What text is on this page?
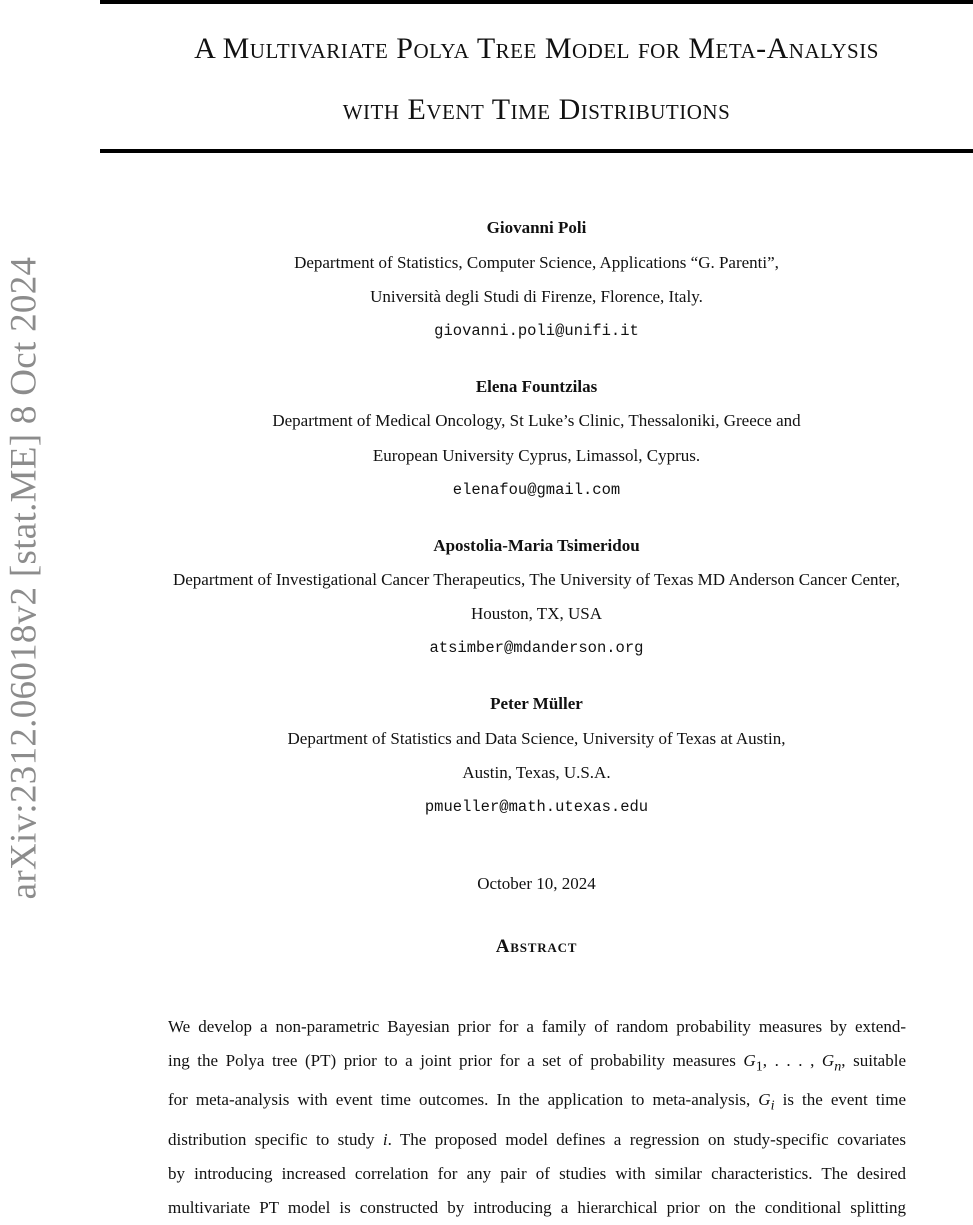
A Multivariate Polya Tree Model for Meta-Analysis
with Event Time Distributions
arXiv:2312.06018v2 [stat.ME] 8 Oct 2024
Giovanni Poli
Department of Statistics, Computer Science, Applications “G. Parenti”,
Università degli Studi di Firenze, Florence, Italy.
giovanni.poli@unifi.it
Elena Fountzilas
Department of Medical Oncology, St Luke’s Clinic, Thessaloniki, Greece and
European University Cyprus, Limassol, Cyprus.
elenafou@gmail.com
Apostolia-Maria Tsimeridou
Department of Investigational Cancer Therapeutics, The University of Texas MD Anderson Cancer Center,
Houston, TX, USA
atsimber@mdanderson.org
Peter Müller
Department of Statistics and Data Science, University of Texas at Austin,
Austin, Texas, U.S.A.
pmueller@math.utexas.edu
October 10, 2024
Abstract

We develop a non-parametric Bayesian prior for a family of random probability measures by extend-

ing the Polya tree (PT) prior to a joint prior for a set of probability measures $G_1$, . . . , $G_n$, suitable

for meta-analysis with event time outcomes. In the application to meta-analysis, $G_i$ is the event time

distribution specific to study i. The proposed model defines a regression on study-specific covariates

by introducing increased correlation for any pair of studies with similar characteristics. The desired

multivariate PT model is constructed by introducing a hierarchical prior on the conditional splitting
